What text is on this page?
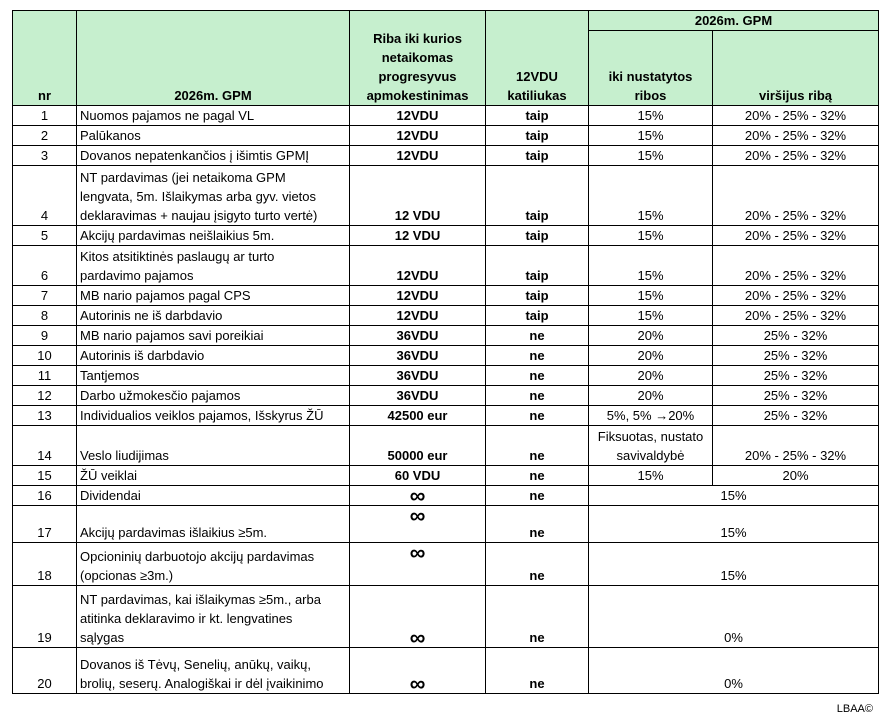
nr	2026m. GPM	Riba iki kurios netaikomas progresyvus apmokestinimas	12VDU katiliukas	2026m. GPM	
				iki nustatytos ribos	viršijus ribą
1	Nuomos pajamos ne pagal VL	12VDU	taip	15%	20% - 25% - 32%
2	Palūkanos	12VDU	taip	15%	20% - 25% - 32%
3	Dovanos nepatenkančios į išimtis GPMĮ	12VDU	taip	15%	20% - 25% - 32%
4	NT pardavimas (jei netaikoma GPM
lengvata, 5m. Išlaikymas arba gyv. vietos
deklaravimas + naujau įsigyto turto vertė)	12 VDU	taip	15%	20% - 25% - 32%
5	Akcijų pardavimas neišlaikius 5m.	12 VDU	taip	15%	20% - 25% - 32%
6	Kitos atsitiktinės paslaugų ar turto
pardavimo pajamos	12VDU	taip	15%	20% - 25% - 32%
7	MB nario pajamos pagal CPS	12VDU	taip	15%	20% - 25% - 32%
8	Autorinis ne iš darbdavio	12VDU	taip	15%	20% - 25% - 32%
9	MB nario pajamos savi poreikiai	36VDU	ne	20%	25% - 32%
10	Autorinis iš darbdavio	36VDU	ne	20%	25% - 32%
11	Tantjemos	36VDU	ne	20%	25% - 32%
12	Darbo užmokesčio pajamos	36VDU	ne	20%	25% - 32%
13	Individualios veiklos pajamos, Išskyrus ŽŪ	42500 eur	ne	5%, 5% →20%	25% - 32%
14	Veslo liudijimas	50000 eur	ne	Fiksuotas, nustato
savivaldybė	20% - 25% - 32%
15	ŽŪ veiklai	60 VDU	ne	15%	20%
16	Dividendai	∞	ne	15%	
17	Akcijų pardavimas išlaikius ≥5m.	∞	ne	15%	
18	Opcioninių darbuotojo akcijų pardavimas
(opcionas ≥3m.)	∞	ne	15%	
19	NT pardavimas, kai išlaikymas ≥5m., arba
atitinka deklaravimo ir kt. lengvatines
sąlygas	∞	ne	0%	
20	Dovanos iš Tėvų, Senelių, anūkų, vaikų,
brolių, seserų. Analogiškai ir dėl įvaikinimo	∞	ne	0%	
LBAA©
